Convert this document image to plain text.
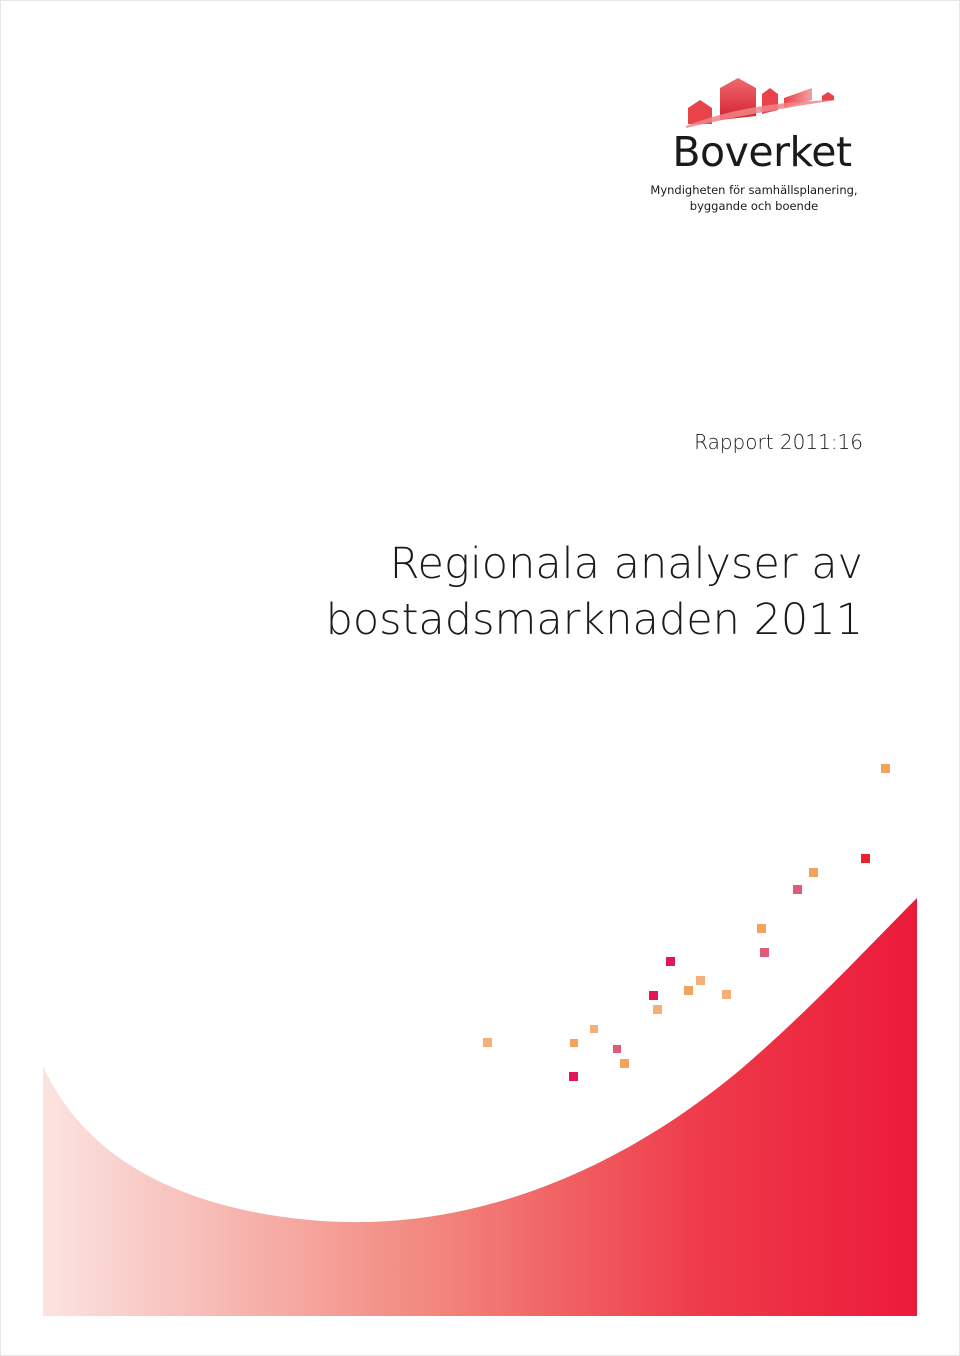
Boverket
Myndigheten för samhällsplanering,
byggande och boende
Rapport 2011:16
Regionala analyser av
bostadsmarknaden 2011
